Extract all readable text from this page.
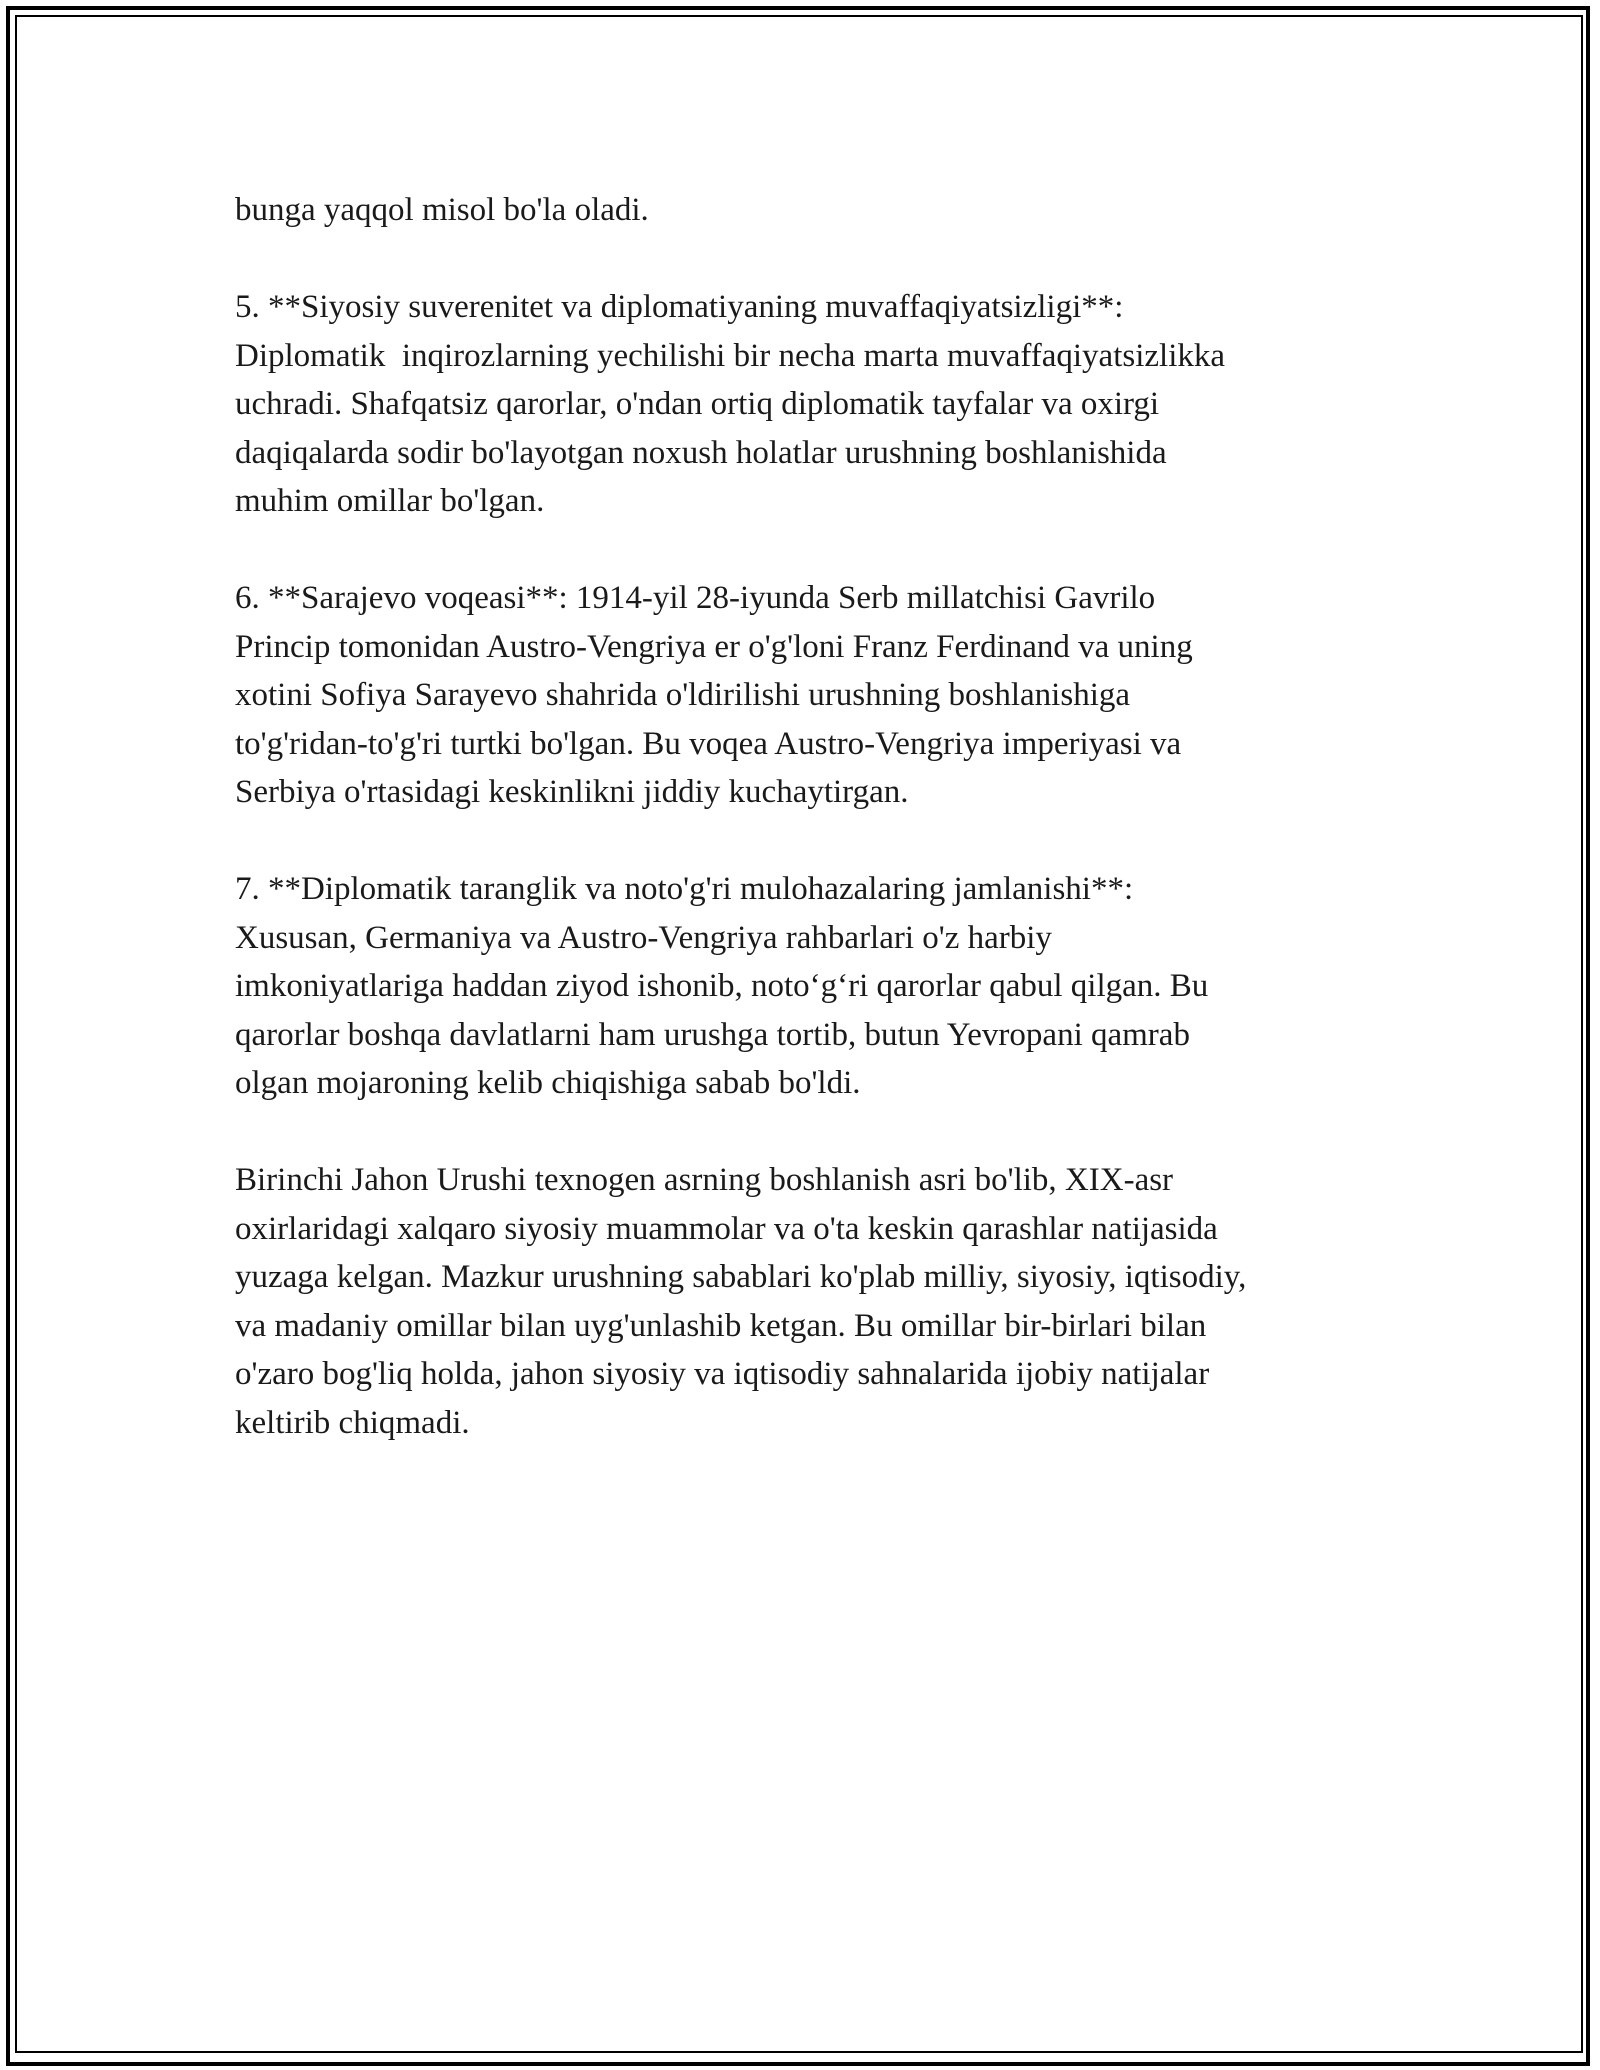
bunga yaqqol misol bo'la oladi.
5. **Siyosiy suverenitet va diplomatiyaning muvaffaqiyatsizligi**:
Diplomatik  inqirozlarning yechilishi bir necha marta muvaffaqiyatsizlikka
uchradi. Shafqatsiz qarorlar, o'ndan ortiq diplomatik tayfalar va oxirgi
daqiqalarda sodir bo'layotgan noxush holatlar urushning boshlanishida
muhim omillar bo'lgan.
6. **Sarajevo voqeasi**: 1914-yil 28-iyunda Serb millatchisi Gavrilo
Princip tomonidan Austro-Vengriya er o'g'loni Franz Ferdinand va uning
xotini Sofiya Sarayevo shahrida o'ldirilishi urushning boshlanishiga
to'g'ridan-to'g'ri turtki bo'lgan. Bu voqea Austro-Vengriya imperiyasi va
Serbiya o'rtasidagi keskinlikni jiddiy kuchaytirgan.
7. **Diplomatik taranglik va noto'g'ri mulohazalaring jamlanishi**:
Xususan, Germaniya va Austro-Vengriya rahbarlari o'z harbiy
imkoniyatlariga haddan ziyod ishonib, noto‘g‘ri qarorlar qabul qilgan. Bu
qarorlar boshqa davlatlarni ham urushga tortib, butun Yevropani qamrab
olgan mojaroning kelib chiqishiga sabab bo'ldi.
Birinchi Jahon Urushi texnogen asrning boshlanish asri bo'lib, XIX-asr
oxirlaridagi xalqaro siyosiy muammolar va o'ta keskin qarashlar natijasida
yuzaga kelgan. Mazkur urushning sabablari ko'plab milliy, siyosiy, iqtisodiy,
va madaniy omillar bilan uyg'unlashib ketgan. Bu omillar bir-birlari bilan
o'zaro bog'liq holda, jahon siyosiy va iqtisodiy sahnalarida ijobiy natijalar
keltirib chiqmadi.
